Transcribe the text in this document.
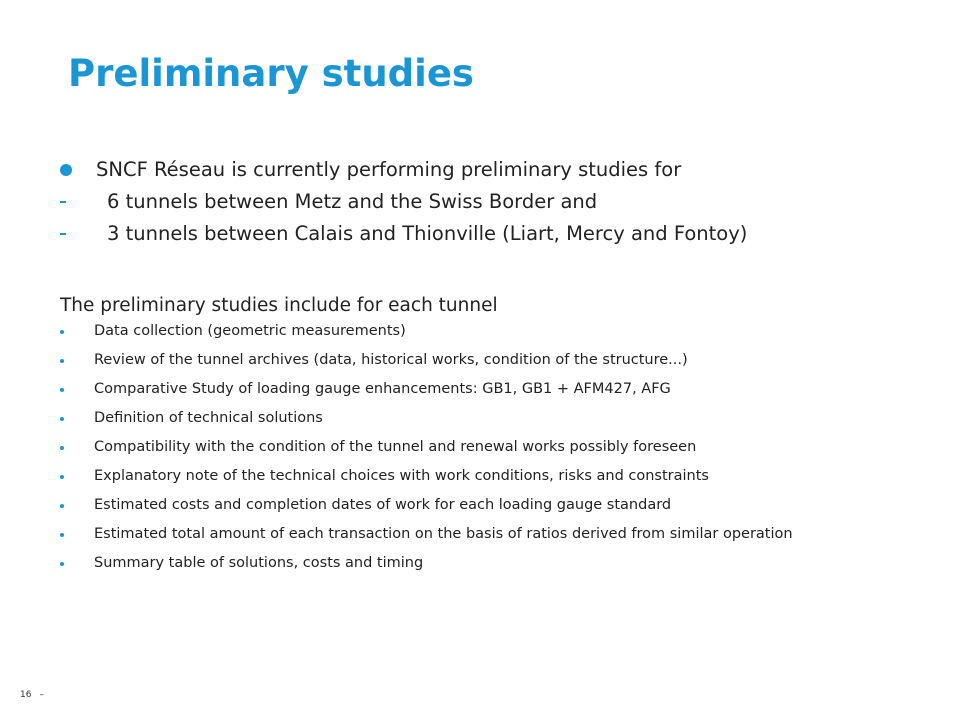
Preliminary studies
SNCF Réseau is currently performing preliminary studies for
6 tunnels between Metz and the Swiss Border and
3 tunnels between Calais and Thionville (Liart, Mercy and Fontoy)

The preliminary studies include for each tunnel

Data collection (geometric measurements)
Review of the tunnel archives (data, historical works, condition of the structure...)
Comparative Study of loading gauge enhancements: GB1, GB1 + AFM427, AFG
Definition of technical solutions
Compatibility with the condition of the tunnel and renewal works possibly foreseen
Explanatory note of the technical choices with work conditions, risks and constraints
Estimated costs and completion dates of work for each loading gauge standard
Estimated total amount of each transaction on the basis of ratios derived from similar operation
Summary table of solutions, costs and timing
16 –
